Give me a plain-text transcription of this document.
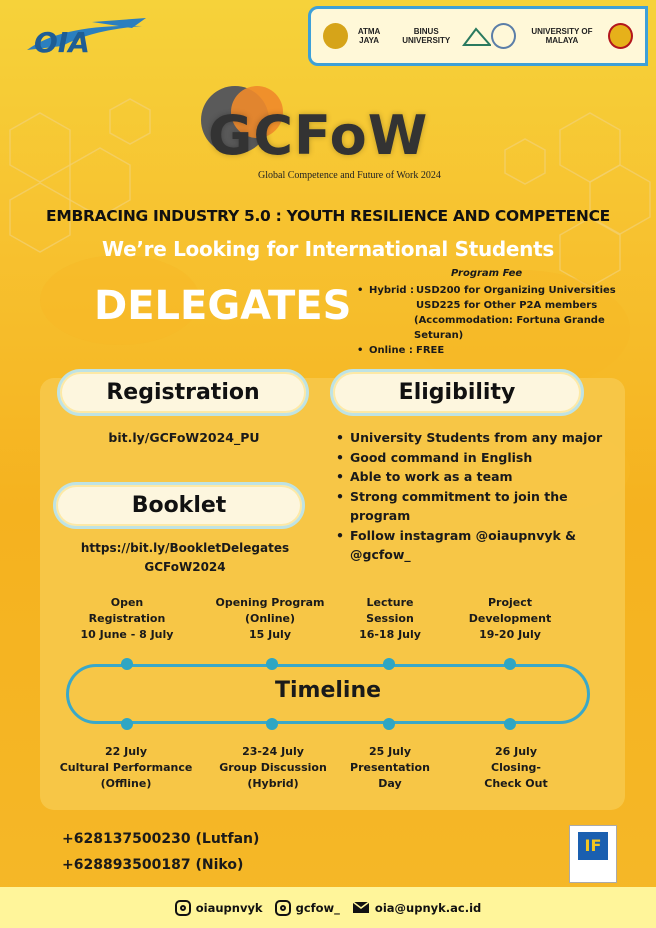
OIA	ATMA JAYA
BINUS UNIVERSITY
UNIVERSITY OF MALAYA
GCFoW
Global Competence and Future of Work 2024
EMBRACING INDUSTRY 5.0 : YOUTH RESILIENCE AND COMPETENCE
We’re Looking for International Students
DELEGATES
Program Fee
• Hybrid : USD200 for Organizing Universities
USD225 for Other P2A members
(Accommodation: Fortuna Grande
Seturan)
• Online : FREE
Registration	Eligibility
bit.ly/GCFoW2024_PU
•	University Students from any major
• Good command in English
• Able to work as a team
• Strong commitment to join the program
• Follow instagram @oiaupnvyk & @gcfow_
Booklet
https://bit.ly/BookletDelegates
GCFoW2024
Open
Registration
10 June - 8 July
Opening Program
(Online)
15 July
Lecture
Session
16-18 July
Project
Development
19-20 July
Timeline
22 July
Cultural Performance
(Offline)
23-24 July
Group Discussion
(Hybrid)
25 July
Presentation
Day
26 July
Closing-
Check Out
+628137500230 (Lutfan)
+628893500187 (Niko)
IF
oiaupnvyk	gcfow_	oia@upnyk.ac.id
